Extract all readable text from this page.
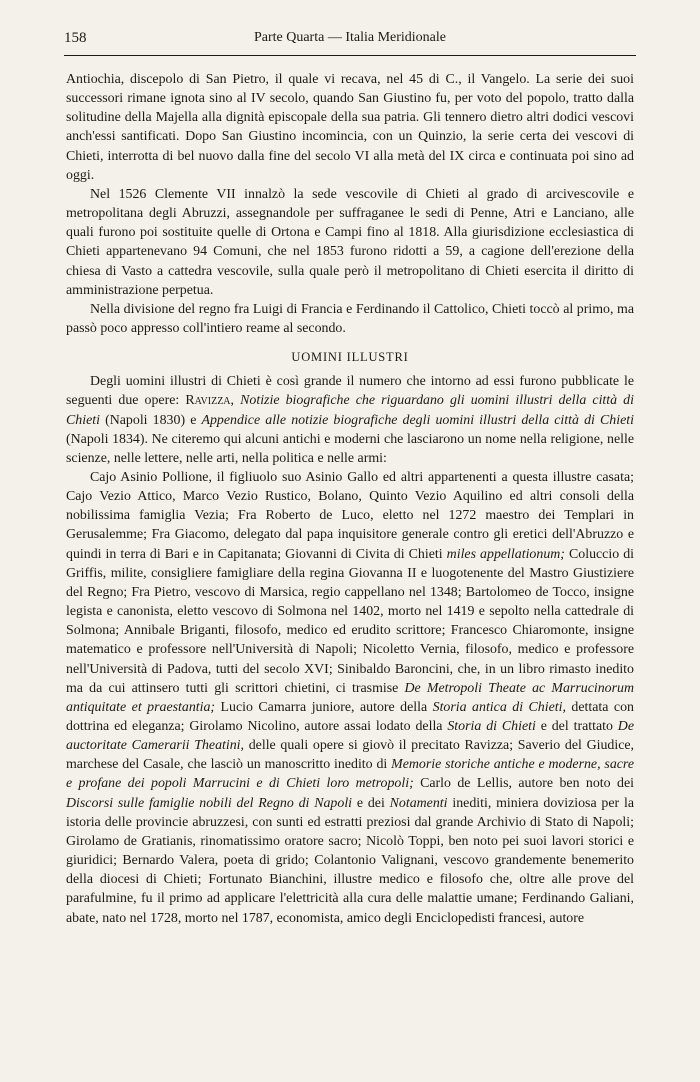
158	Parte Quarta — Italia Meridionale

Antiochia, discepolo di San Pietro, il quale vi recava, nel 45 di C., il Vangelo. La serie dei suoi successori rimane ignota sino al IV secolo, quando San Giustino fu, per voto del popolo, tratto dalla solitudine della Majella alla dignità episcopale della sua patria. Gli tennero dietro altri dodici vescovi anch'essi santificati. Dopo San Giustino incomincia, con un Quinzio, la serie certa dei vescovi di Chieti, interrotta di bel nuovo dalla fine del secolo VI alla metà del IX circa e continuata poi sino ad oggi.

Nel 1526 Clemente VII innalzò la sede vescovile di Chieti al grado di arcivescovile e metropolitana degli Abruzzi, assegnandole per suffraganee le sedi di Penne, Atri e Lanciano, alle quali furono poi sostituite quelle di Ortona e Campi fino al 1818. Alla giurisdizione ecclesiastica di Chieti appartenevano 94 Comuni, che nel 1853 furono ridotti a 59, a cagione dell'erezione della chiesa di Vasto a cattedra vescovile, sulla quale però il metropolitano di Chieti esercita il diritto di amministrazione perpetua.

Nella divisione del regno fra Luigi di Francia e Ferdinando il Cattolico, Chieti toccò al primo, ma passò poco appresso coll'intiero reame al secondo.

UOMINI ILLUSTRI

Degli uomini illustri di Chieti è così grande il numero che intorno ad essi furono pubblicate le seguenti due opere: Ravizza, Notizie biografiche che riguardano gli uomini illustri della città di Chieti (Napoli 1830) e Appendice alle notizie biografiche degli uomini illustri della città di Chieti (Napoli 1834). Ne citeremo qui alcuni antichi e moderni che lasciarono un nome nella religione, nelle scienze, nelle lettere, nelle arti, nella politica e nelle armi:

Cajo Asinio Pollione, il figliuolo suo Asinio Gallo ed altri appartenenti a questa illustre casata; Cajo Vezio Attico, Marco Vezio Rustico, Bolano, Quinto Vezio Aquilino ed altri consoli della nobilissima famiglia Vezia; Fra Roberto de Luco, eletto nel 1272 maestro dei Templari in Gerusalemme; Fra Giacomo, delegato dal papa inquisitore generale contro gli eretici dell'Abruzzo e quindi in terra di Bari e in Capitanata; Giovanni di Civita di Chieti miles appellationum; Coluccio di Griffis, milite, consigliere famigliare della regina Giovanna II e luogotenente del Mastro Giustiziere del Regno; Fra Pietro, vescovo di Marsica, regio cappellano nel 1348; Bartolomeo de Tocco, insigne legista e canonista, eletto vescovo di Solmona nel 1402, morto nel 1419 e sepolto nella cattedrale di Solmona; Annibale Briganti, filosofo, medico ed erudito scrittore; Francesco Chiaromonte, insigne matematico e professore nell'Università di Napoli; Nicoletto Vernia, filosofo, medico e professore nell'Università di Padova, tutti del secolo XVI; Sinibaldo Baroncini, che, in un libro rimasto inedito ma da cui attinsero tutti gli scrittori chietini, ci trasmise De Metropoli Theate ac Marrucinorum antiquitate et praestantia; Lucio Camarra juniore, autore della Storia antica di Chieti, dettata con dottrina ed eleganza; Girolamo Nicolino, autore assai lodato della Storia di Chieti e del trattato De auctoritate Camerarii Theatini, delle quali opere si giovò il precitato Ravizza; Saverio del Giudice, marchese del Casale, che lasciò un manoscritto inedito di Memorie storiche antiche e moderne, sacre e profane dei popoli Marrucini e di Chieti loro metropoli; Carlo de Lellis, autore ben noto dei Discorsi sulle famiglie nobili del Regno di Napoli e dei Notamenti inediti, miniera doviziosa per la istoria delle provincie abruzzesi, con sunti ed estratti preziosi dal grande Archivio di Stato di Napoli; Girolamo de Gratianis, rinomatissimo oratore sacro; Nicolò Toppi, ben noto pei suoi lavori storici e giuridici; Bernardo Valera, poeta di grido; Colantonio Valignani, vescovo grandemente benemerito della diocesi di Chieti; Fortunato Bianchini, illustre medico e filosofo che, oltre alle prove del parafulmine, fu il primo ad applicare l'elettricità alla cura delle malattie umane; Ferdinando Galiani, abate, nato nel 1728, morto nel 1787, economista, amico degli Enciclopedisti francesi, autore
